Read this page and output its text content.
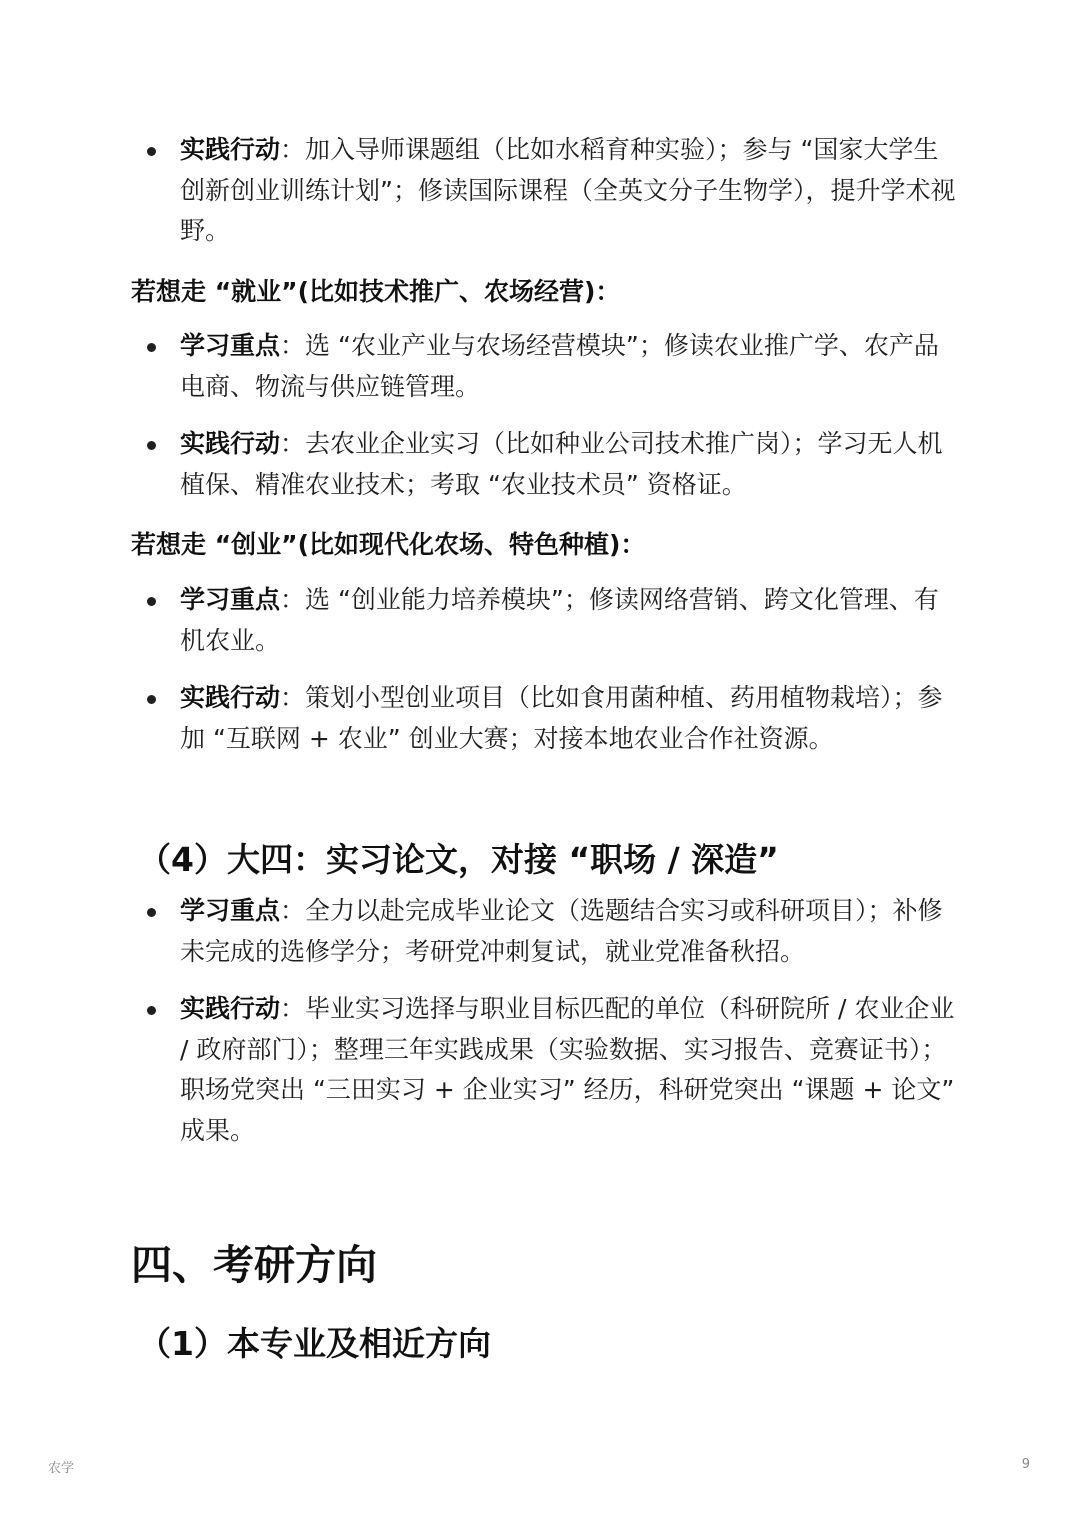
实践行动：加入导师课题组（比如水稻育种实验）；参与 “国家大学生创新创业训练计划”；修读国际课程（全英文分子生物学），提升学术视野。
若想走 “就业”(比如技术推广、农场经营)：
学习重点：选 “农业产业与农场经营模块”；修读农业推广学、农产品电商、物流与供应链管理。
实践行动：去农业企业实习（比如种业公司技术推广岗）；学习无人机植保、精准农业技术；考取 “农业技术员” 资格证。
若想走 “创业”(比如现代化农场、特色种植)：
学习重点：选 “创业能力培养模块”；修读网络营销、跨文化管理、有机农业。
实践行动：策划小型创业项目（比如食用菌种植、药用植物栽培）；参加 “互联网 + 农业” 创业大赛；对接本地农业合作社资源。
（4）大四：实习论文，对接 “职场 / 深造”
学习重点：全力以赴完成毕业论文（选题结合实习或科研项目）；补修未完成的选修学分；考研党冲刺复试，就业党准备秋招。
实践行动：毕业实习选择与职业目标匹配的单位（科研院所 / 农业企业 / 政府部门）；整理三年实践成果（实验数据、实习报告、竞赛证书）；职场党突出 “三田实习 + 企业实习” 经历，科研党突出 “课题 + 论文” 成果。
四、考研方向
（1）本专业及相近方向
农学	9
